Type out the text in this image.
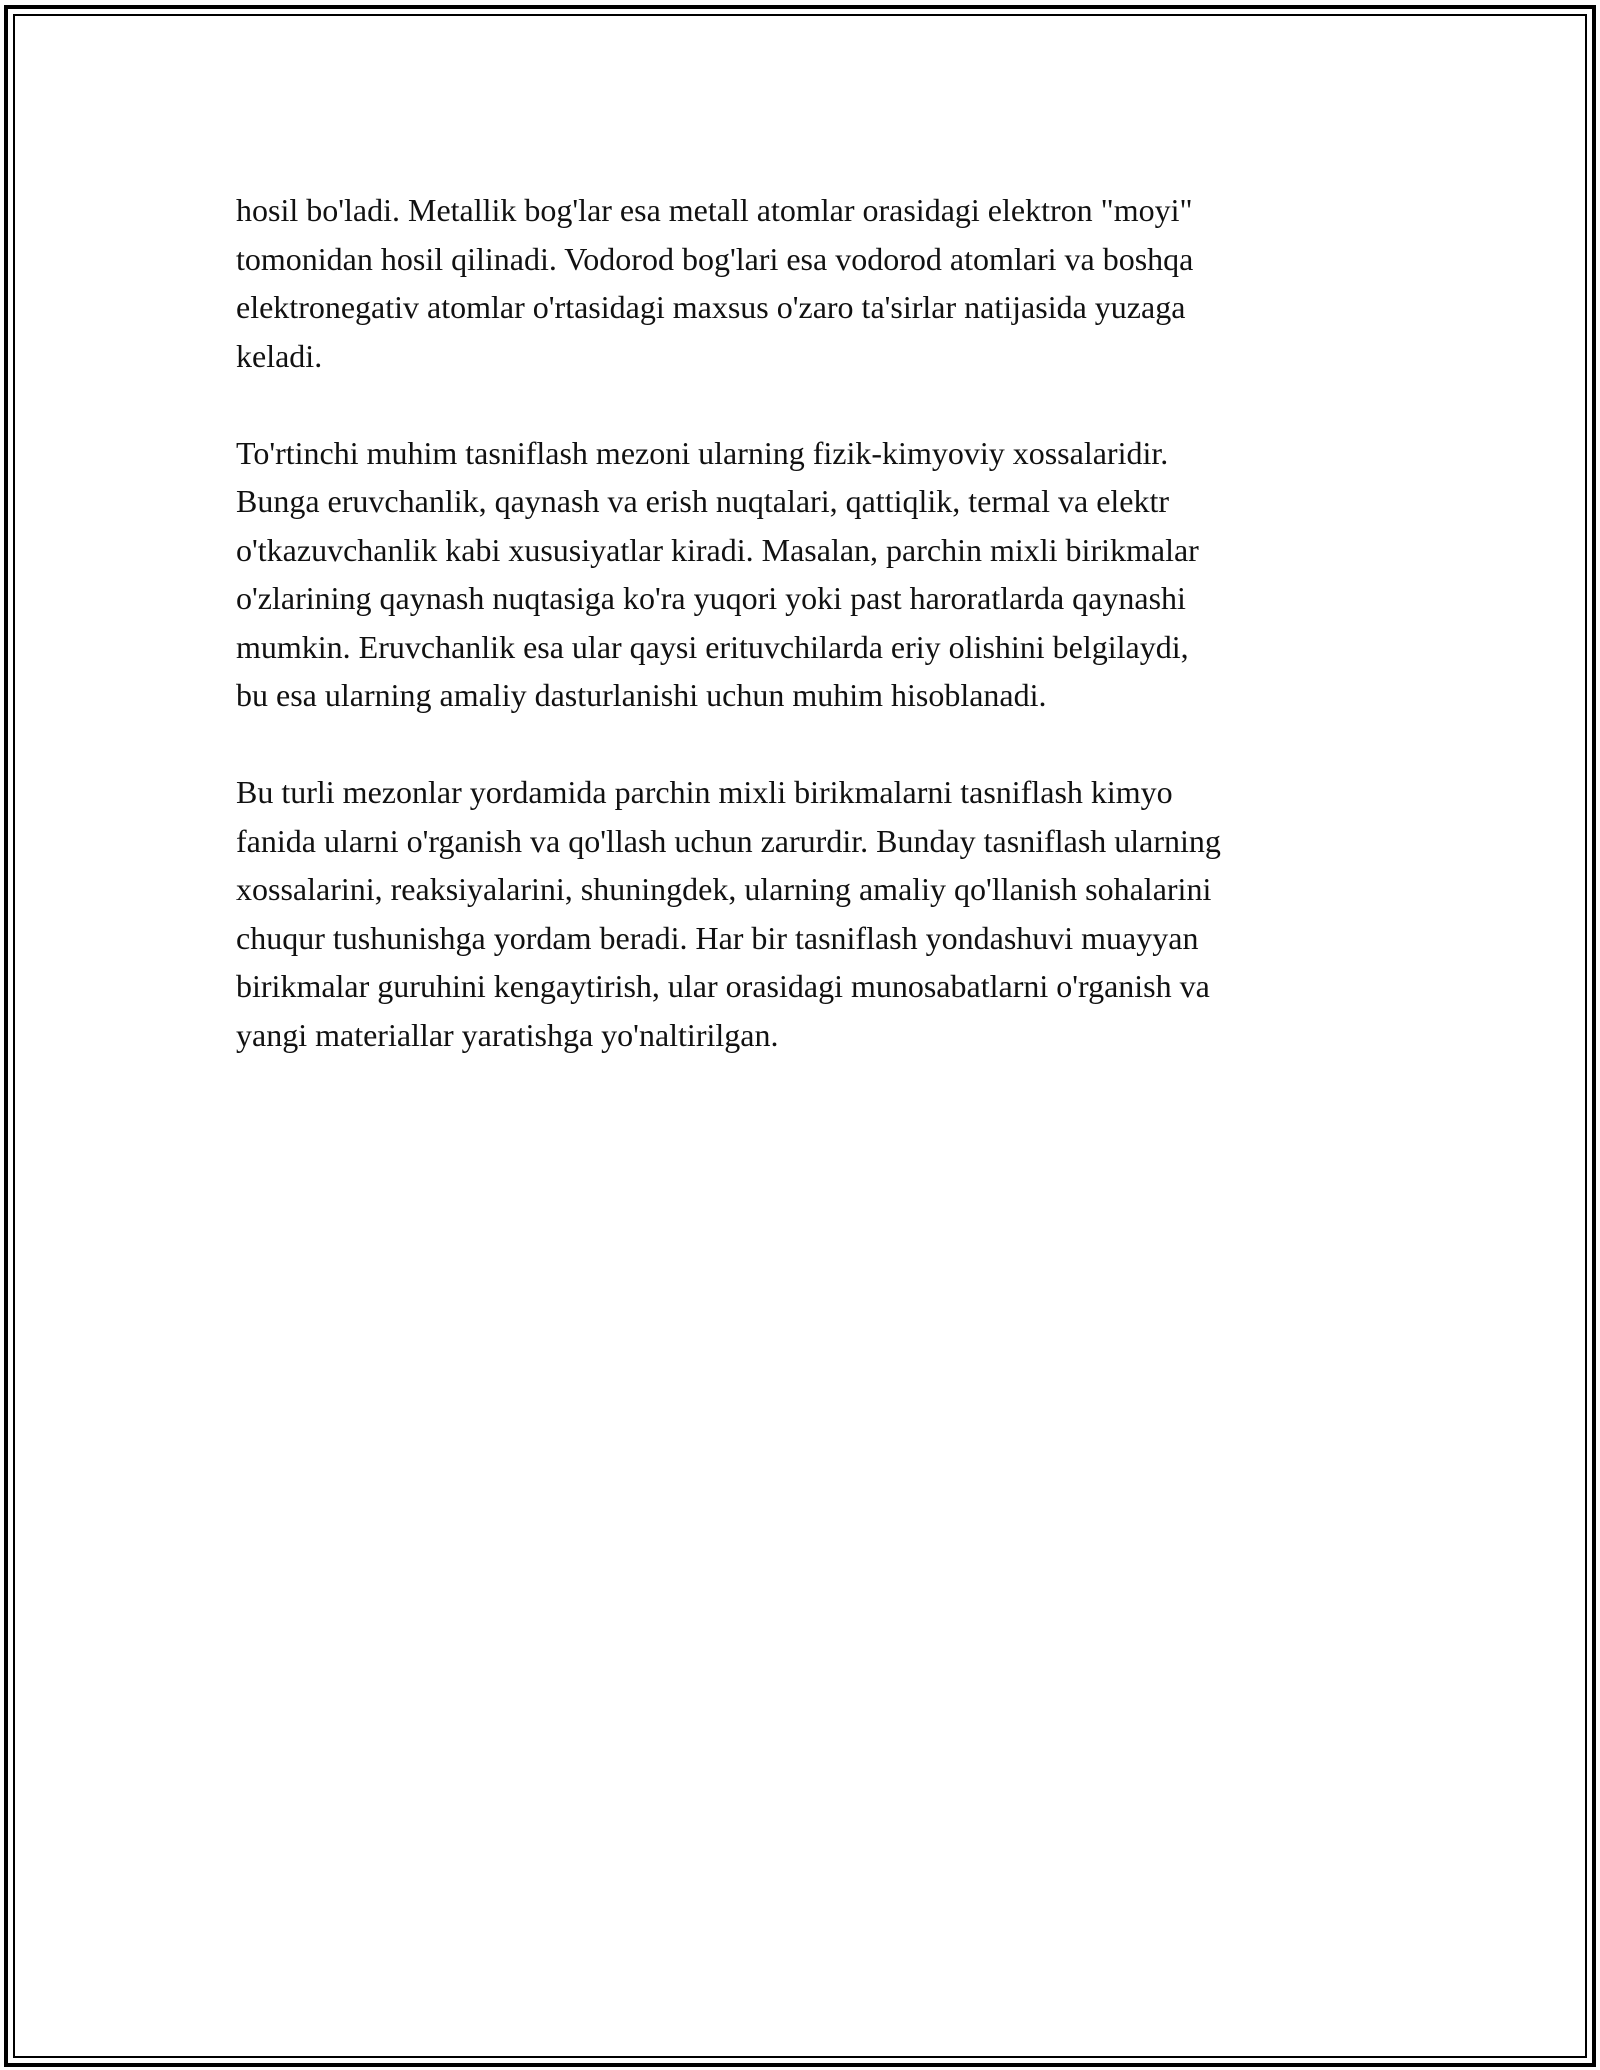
hosil bo'ladi. Metallik bog'lar esa metall atomlar orasidagi elektron "moyi"
tomonidan hosil qilinadi. Vodorod bog'lari esa vodorod atomlari va boshqa
elektronegativ atomlar o'rtasidagi maxsus o'zaro ta'sirlar natijasida yuzaga
keladi.

To'rtinchi muhim tasniflash mezoni ularning fizik-kimyoviy xossalaridir.
Bunga eruvchanlik, qaynash va erish nuqtalari, qattiqlik, termal va elektr
o'tkazuvchanlik kabi xususiyatlar kiradi. Masalan, parchin mixli birikmalar
o'zlarining qaynash nuqtasiga ko'ra yuqori yoki past haroratlarda qaynashi
mumkin. Eruvchanlik esa ular qaysi erituvchilarda eriy olishini belgilaydi,
bu esa ularning amaliy dasturlanishi uchun muhim hisoblanadi.

Bu turli mezonlar yordamida parchin mixli birikmalarni tasniflash kimyo
fanida ularni o'rganish va qo'llash uchun zarurdir. Bunday tasniflash ularning
xossalarini, reaksiyalarini, shuningdek, ularning amaliy qo'llanish sohalarini
chuqur tushunishga yordam beradi. Har bir tasniflash yondashuvi muayyan
birikmalar guruhini kengaytirish, ular orasidagi munosabatlarni o'rganish va
yangi materiallar yaratishga yo'naltirilgan.
